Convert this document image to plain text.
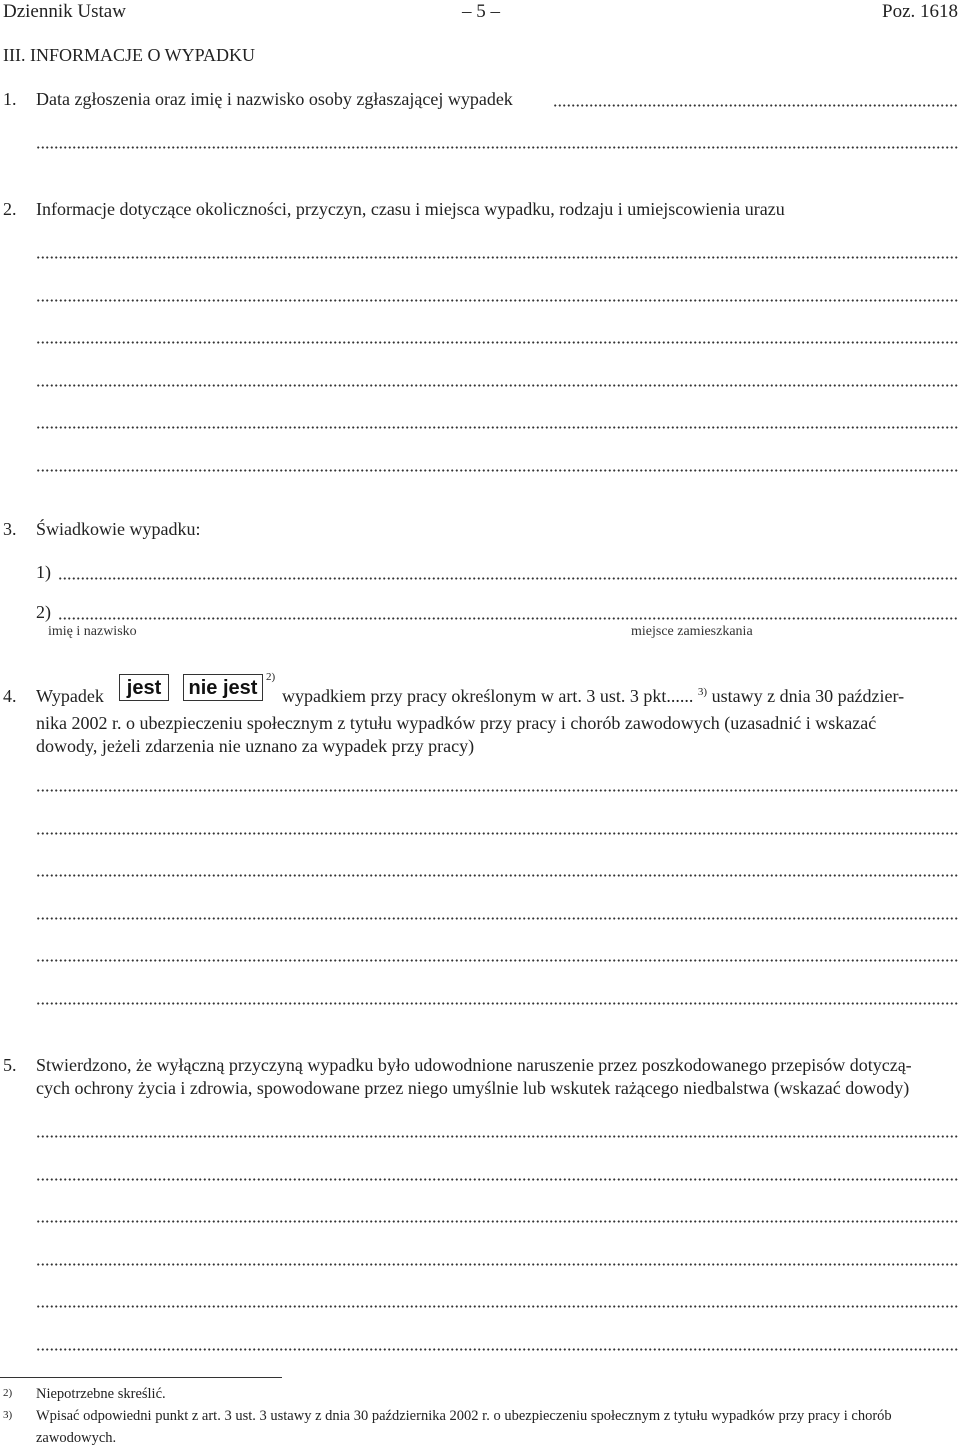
Dziennik Ustaw	– 5 –	Poz. 1618
III. INFORMACJE O WYPADKU
1. Data zgłoszenia oraz imię i nazwisko osoby zgłaszającej wypadek
2. Informacje dotyczące okoliczności, przyczyn, czasu i miejsca wypadku, rodzaju i umiejscowienia urazu
3. Świadkowie wypadku:
1)
2)
imię i nazwisko	miejsce zamieszkania
4. Wypadek	jest	nie jest 2)
wypadkiem przy pracy określonym w art. 3 ust. 3 pkt...... $^{3)}$ ustawy z dnia 30 paździer-
nika 2002 r. o ubezpieczeniu społecznym z tytułu wypadków przy pracy i chorób zawodowych (uzasadnić i wskazać
dowody, jeżeli zdarzenia nie uznano za wypadek przy pracy)
5. Stwierdzono, że wyłączną przyczyną wypadku było udowodnione naruszenie przez poszkodowanego przepisów dotyczą-
cych ochrony życia i zdrowia, spowodowane przez niego umyślnie lub wskutek rażącego niedbalstwa (wskazać dowody)
2) Niepotrzebne skreślić.
3) Wpisać odpowiedni punkt z art. 3 ust. 3 ustawy z dnia 30 października 2002 r. o ubezpieczeniu społecznym z tytułu wypadków przy pracy i chorób
zawodowych.
